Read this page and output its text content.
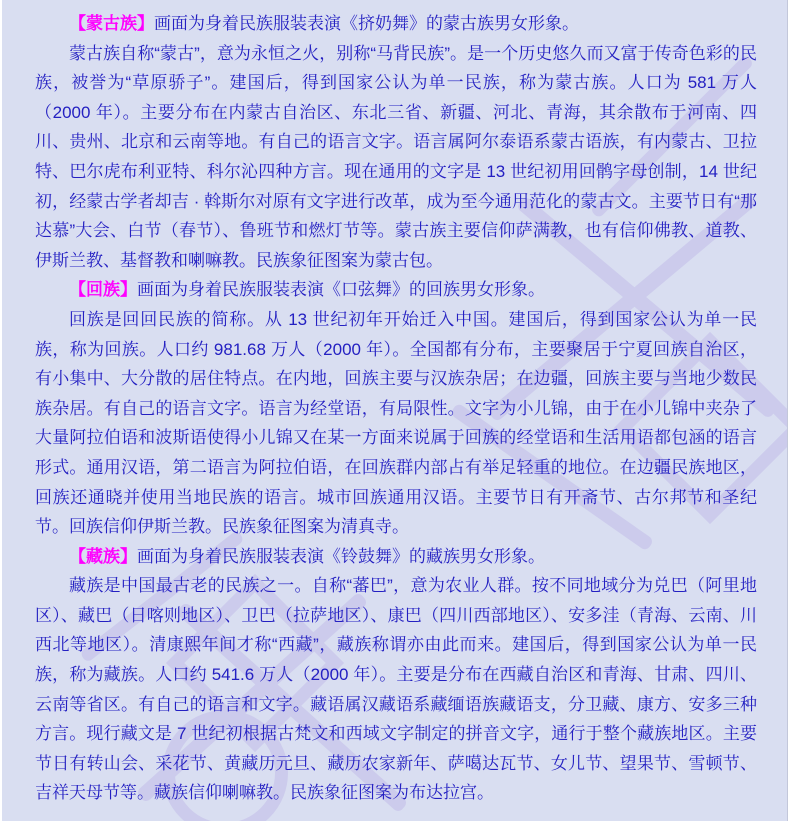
【蒙古族】画面为身着民族服装表演《挤奶舞》的蒙古族男女形象。

蒙古族自称“蒙古”，意为永恒之火，别称“马背民族”。是一个历史悠久而又富于传奇色彩的民族，被誉为“草原骄子”。建国后，得到国家公认为单一民族，称为蒙古族。人口为 581 万人（2000 年）。主要分布在内蒙古自治区、东北三省、新疆、河北、青海，其余散布于河南、四川、贵州、北京和云南等地。有自己的语言文字。语言属阿尔泰语系蒙古语族，有内蒙古、卫拉特、巴尔虎布利亚特、科尔沁四种方言。现在通用的文字是 13 世纪初用回鹘字母创制，14 世纪初，经蒙古学者却吉 · 斡斯尔对原有文字进行改革，成为至今通用范化的蒙古文。主要节日有“那达慕”大会、白节（春节）、鲁班节和燃灯节等。蒙古族主要信仰萨满教，也有信仰佛教、道教、伊斯兰教、基督教和喇嘛教。民族象征图案为蒙古包。

【回族】画面为身着民族服装表演《口弦舞》的回族男女形象。

回族是回回民族的简称。从 13 世纪初年开始迁入中国。建国后，得到国家公认为单一民族，称为回族。人口约 981.68 万人（2000 年）。全国都有分布，主要聚居于宁夏回族自治区，有小集中、大分散的居住特点。在内地，回族主要与汉族杂居；在边疆，回族主要与当地少数民族杂居。有自己的语言文字。语言为经堂语，有局限性。文字为小儿锦，由于在小儿锦中夹杂了大量阿拉伯语和波斯语使得小儿锦又在某一方面来说属于回族的经堂语和生活用语都包涵的语言形式。通用汉语，第二语言为阿拉伯语，在回族群内部占有举足轻重的地位。在边疆民族地区，回族还通晓并使用当地民族的语言。城市回族通用汉语。主要节日有开斋节、古尔邦节和圣纪节。回族信仰伊斯兰教。民族象征图案为清真寺。

【藏族】画面为身着民族服装表演《铃鼓舞》的藏族男女形象。

藏族是中国最古老的民族之一。自称“蕃巴”，意为农业人群。按不同地域分为兑巴（阿里地区）、藏巴（日喀则地区）、卫巴（拉萨地区）、康巴（四川西部地区）、安多洼（青海、云南、川西北等地区）。清康熙年间才称“西藏”，藏族称谓亦由此而来。建国后，得到国家公认为单一民族，称为藏族。人口约 541.6 万人（2000 年）。主要是分布在西藏自治区和青海、甘肃、四川、云南等省区。有自己的语言和文字。藏语属汉藏语系藏缅语族藏语支，分卫藏、康方、安多三种方言。现行藏文是 7 世纪初根据古梵文和西域文字制定的拼音文字，通行于整个藏族地区。主要节日有转山会、采花节、黄藏历元旦、藏历农家新年、萨噶达瓦节、女儿节、望果节、雪顿节、吉祥天母节等。藏族信仰喇嘛教。民族象征图案为布达拉宫。
